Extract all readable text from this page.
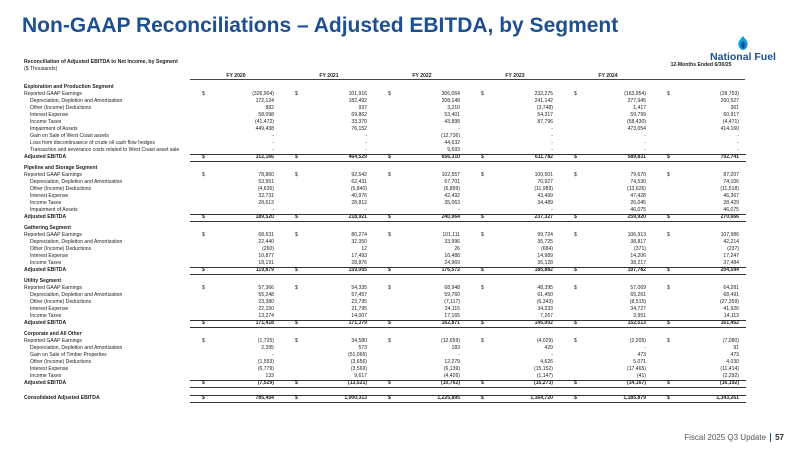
Non-GAAP Reconciliations – Adjusted EBITDA, by Segment
National Fuel
Reconciliation of Adjusted EBITDA to Net Income, by Segment
($ Thousands)
FY 2020	FY 2021	FY 2022	FY 2023	FY 2024
12-Months Ended 6/30/25
Exploration and Production Segment
Reported GAAP Earnings	$	(326,904)	$	101,916	$	306,064	$	232,275	$	(163,954)	$	(28,753)
Depreciation, Depletion and Amortization	172,124	182,492	208,148	241,142	277,945	260,527
Other (Income) Deductions	882	937	3,210	(3,748)	1,417	361
Interest Expense	58,098	69,862	53,401	54,317	59,799	60,917
Income Taxes	(41,472)	33,370	43,898	87,796	(58,430)	(4,471)
Impairment of Assets	449,438	76,152	-	-	473,054	414,160
Gain on Sale of West Coast assets	-	-	(12,736)	-	-	-
Loss from discontinuance of crude oil cash flow hedges	-	-	44,632	-	-	-
Transaction and severance costs related to West Coast asset sale	-	-	9,693	-	-	-
Adjusted EBITDA	$	312,166	$	464,529	$	656,310	$	611,782	$	589,831	$	702,741
Pipeline and Storage Segment
Reported GAAP Earnings	$	78,860	$	92,542	$	102,557	$	100,501	$	79,670	$	87,207
Depreciation, Depletion and Amortization	53,951	62,431	67,701	70,927	74,530	74,106
Other (Income) Deductions	(4,635)	(5,840)	(6,899)	(11,989)	(13,626)	(11,518)
Interest Expense	32,731	40,976	42,492	43,499	47,428	46,367
Income Taxes	28,613	28,812	35,063	34,489	26,045	28,429
Impairment of Assets	-	-	-	-	46,075	46,075
Adjusted EBITDA	$	189,520	$	218,921	$	240,964	$	237,327	$	259,920	$	270,666
Gathering Segment
Reported GAAP Earnings	$	68,631	$	80,274	$	101,111	$	99,724	$	106,913	$	107,986
Depreciation, Depletion and Amortization	22,440	32,350	33,996	35,725	38,817	42,214
Other (Income) Deductions	(260)	12	26	(684)	(371)	(237)
Interest Expense	10,877	17,493	16,488	14,989	14,206	17,247
Income Taxes	18,191	28,876	24,969	36,128	38,217	37,484
Adjusted EBITDA	$	119,879	$	159,005	$	176,572	$	185,882	$	197,782	$	204,594
Utility Segment
Reported GAAP Earnings	$	57,366	$	54,335	$	68,948	$	48,395	$	57,069	$	64,281
Depreciation, Depletion and Amortization	55,248	57,457	59,760	61,450	65,261	68,491
Other (Income) Deductions	23,380	23,795	(7,117)	(6,343)	(8,515)	(27,359)
Interest Expense	22,150	21,795	24,115	34,233	34,727	41,926
Income Taxes	13,274	14,007	17,165	7,267	3,951	14,113
Adjusted EBITDA	$	171,418	$	171,379	$	162,871	$	145,002	$	152,513	$	161,452
Corporate and All Other
Reported GAAP Earnings	$	(1,725)	$	34,580	$	(12,659)	$	(4,029)	$	(2,205)	$	(7,080)
Depreciation, Depletion and Amortization	2,395	573	183	429	-	91
Gain on Sale of Timber Properties	-	(51,066)	-	-	473	473
Other (Income) Deductions	(1,553)	(3,656)	12,279	4,626	5,071	4,030
Interest Expense	(6,779)	(3,569)	(6,139)	(15,152)	(17,465)	(11,414)
Income Taxes	133	9,617	(4,426)	(1,147)	(41)	(2,292)
Adjusted EBITDA	$	(7,529)	$	(13,521)	$	(10,762)	$	(15,273)	$	(14,167)	$	(16,192)
Consolidated Adjusted EBITDA	$	785,454	$	1,000,313	$	1,225,895	$	1,164,720	$	1,185,879	$	1,343,261
Fiscal 2025 Q3 Update 57
